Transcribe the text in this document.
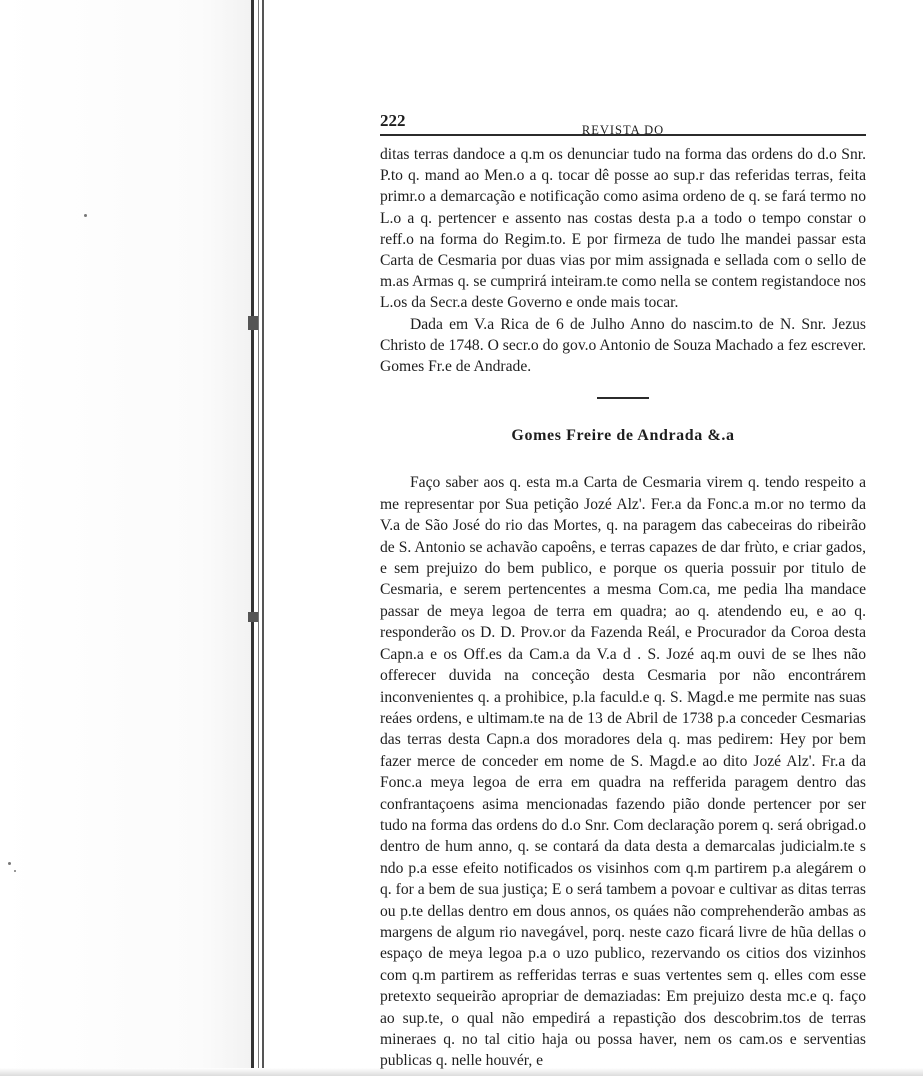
222	REVISTA DO

ditas terras dandoce a q.m os denunciar tudo na forma das ordens do d.o Snr. P.to q. mand ao Men.o a q. tocar dê posse ao sup.r das referidas terras, feita primr.o a demarcação e notificação como asima ordeno de q. se fará termo no L.o a q. pertencer e assento nas costas desta p.a a todo o tempo constar o reff.o na forma do Regim.to. E por firmeza de tudo lhe mandei passar esta Carta de Cesmaria por duas vias por mim assignada e sellada com o sello de m.as Armas q. se cumprirá inteiram.te como nella se contem registandoce nos L.os da Secr.a deste Governo e onde mais tocar.

Dada em V.a Rica de 6 de Julho Anno do nascim.to de N. Snr. Jezus Christo de 1748. O secr.o do gov.o Antonio de Souza Machado a fez escrever. Gomes Fr.e de Andrade.

Gomes Freire de Andrada &.a

Faço saber aos q. esta m.a Carta de Cesmaria virem q. tendo respeito a me representar por Sua petição Jozé Alz'. Fer.a da Fonc.a m.or no termo da V.a de São José do rio das Mortes, q. na paragem das cabeceiras do ribeirão de S. Antonio se achavão capoêns, e terras capazes de dar frùto, e criar gados, e sem prejuizo do bem publico, e porque os queria possuir por titulo de Cesmaria, e serem pertencentes a mesma Com.ca, me pedia lha mandace passar de meya legoa de terra em quadra; ao q. atendendo eu, e ao q. responderão os D. D. Prov.or da Fazenda Reál, e Procurador da Coroa desta Capn.a e os Off.es da Cam.a da V.a d . S. Jozé aq.m ouvi de se lhes não offerecer duvida na conceção desta Cesmaria por não encontrárem inconvenientes q. a prohibice, p.la faculd.e q. S. Magd.e me permite nas suas reáes ordens, e ultimam.te na de 13 de Abril de 1738 p.a conceder Cesmarias das terras desta Capn.a dos moradores dela q. mas pedirem: Hey por bem fazer merce de conceder em nome de S. Magd.e ao dito Jozé Alz'. Fr.a da Fonc.a meya legoa de erra em quadra na refferida paragem dentro das confrantaçoens asima mencionadas fazendo pião donde pertencer por ser tudo na forma das ordens do d.o Snr. Com declaração porem q. será obrigad.o dentro de hum anno, q. se contará da data desta a demarcalas judicialm.te s ndo p.a esse efeito notificados os visinhos com q.m partirem p.a alegárem o q. for a bem de sua justiça; E o será tambem a povoar e cultivar as ditas terras ou p.te dellas dentro em dous annos, os quáes não comprehenderão ambas as margens de algum rio navegável, porq. neste cazo ficará livre de hũa dellas o espaço de meya legoa p.a o uzo publico, rezervando os citios dos vizinhos com q.m partirem as refferidas terras e suas vertentes sem q. elles com esse pretexto sequeirão apropriar de demaziadas: Em prejuizo desta mc.e q. faço ao sup.te, o qual não empedirá a repastição dos descobrim.tos de terras mineraes q. no tal citio haja ou possa haver, nem os cam.os e serventias publicas q. nelle houvér, e
